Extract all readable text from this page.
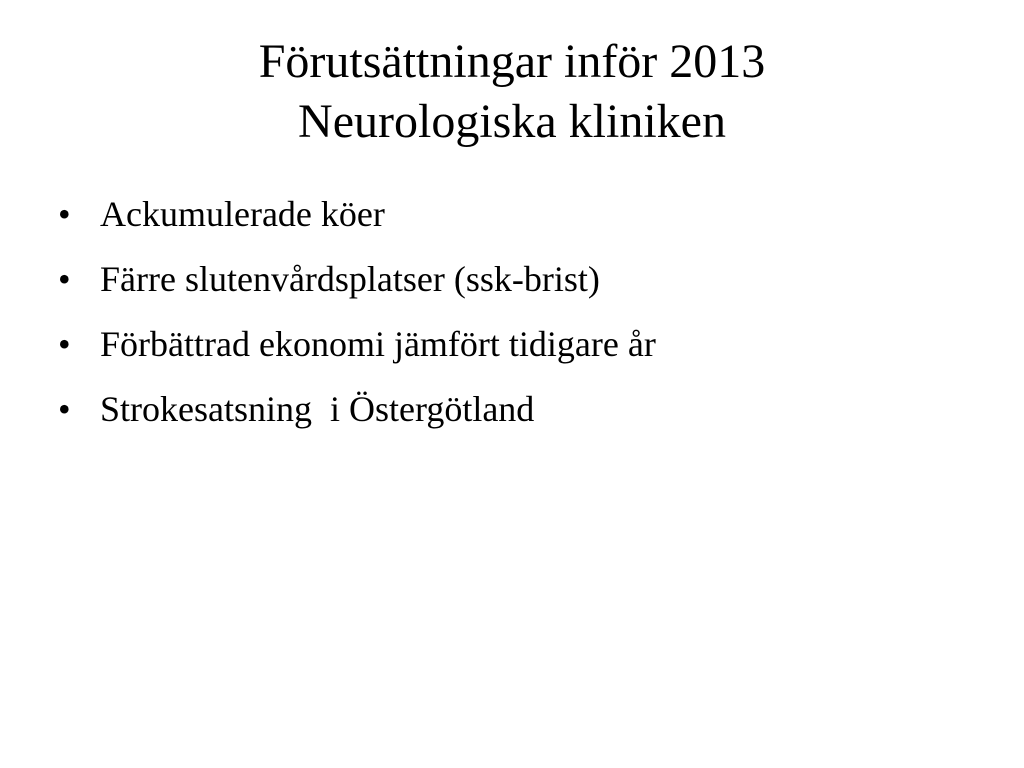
Förutsättningar inför 2013
Neurologiska kliniken
• Ackumulerade köer
• Färre slutenvårdsplatser (ssk-brist)
• Förbättrad ekonomi jämfört tidigare år
• Strokesatsning  i Östergötland
